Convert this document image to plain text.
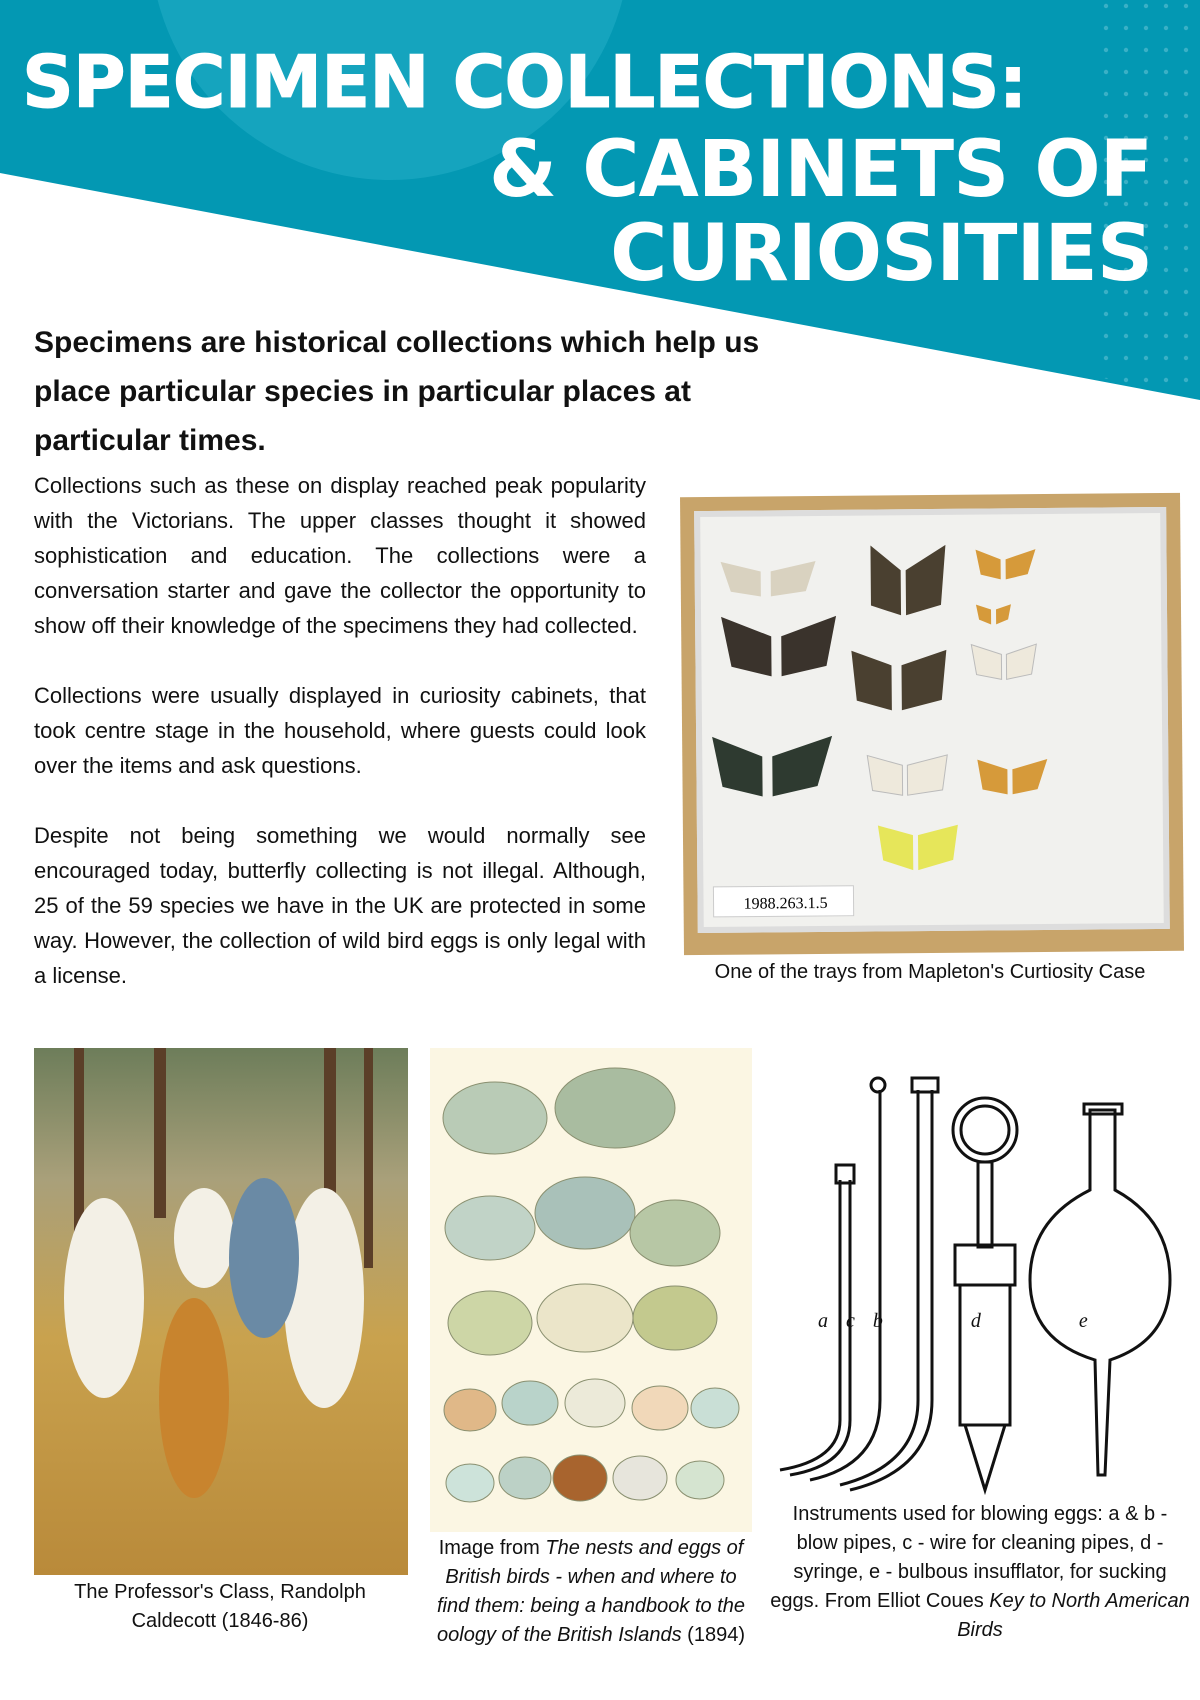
SPECIMEN COLLECTIONS:
& CABINETS OF
CURIOSITIES
Specimens are historical collections which help us place particular species in particular places at particular times.

Collections such as these on display reached peak popularity with the Victorians. The upper classes thought it showed sophistication and education. The collections were a conversation starter and gave the collector the opportunity to show off their knowledge of the specimens they had collected.

Collections were usually displayed in curiosity cabinets, that took centre stage in the household, where guests could look over the items and ask questions.

Despite not being something we would normally see encouraged today, butterfly collecting is not illegal. Although, 25 of the 59 species we have in the UK are protected in some way. However, the collection of wild bird eggs is only legal with a license.

1988.263.1.5
One of the trays from Mapleton's Curtiosity Case
The Professor's Class, Randolph Caldecott (1846-86)
Image from The nests and eggs of British birds - when and where to find them: being a handbook to the oology of the British Islands (1894)
a c b	d	e
Instruments used for blowing eggs: a & b - blow pipes, c - wire for cleaning pipes, d - syringe, e - bulbous insufflator, for sucking eggs. From Elliot Coues Key to North American Birds
